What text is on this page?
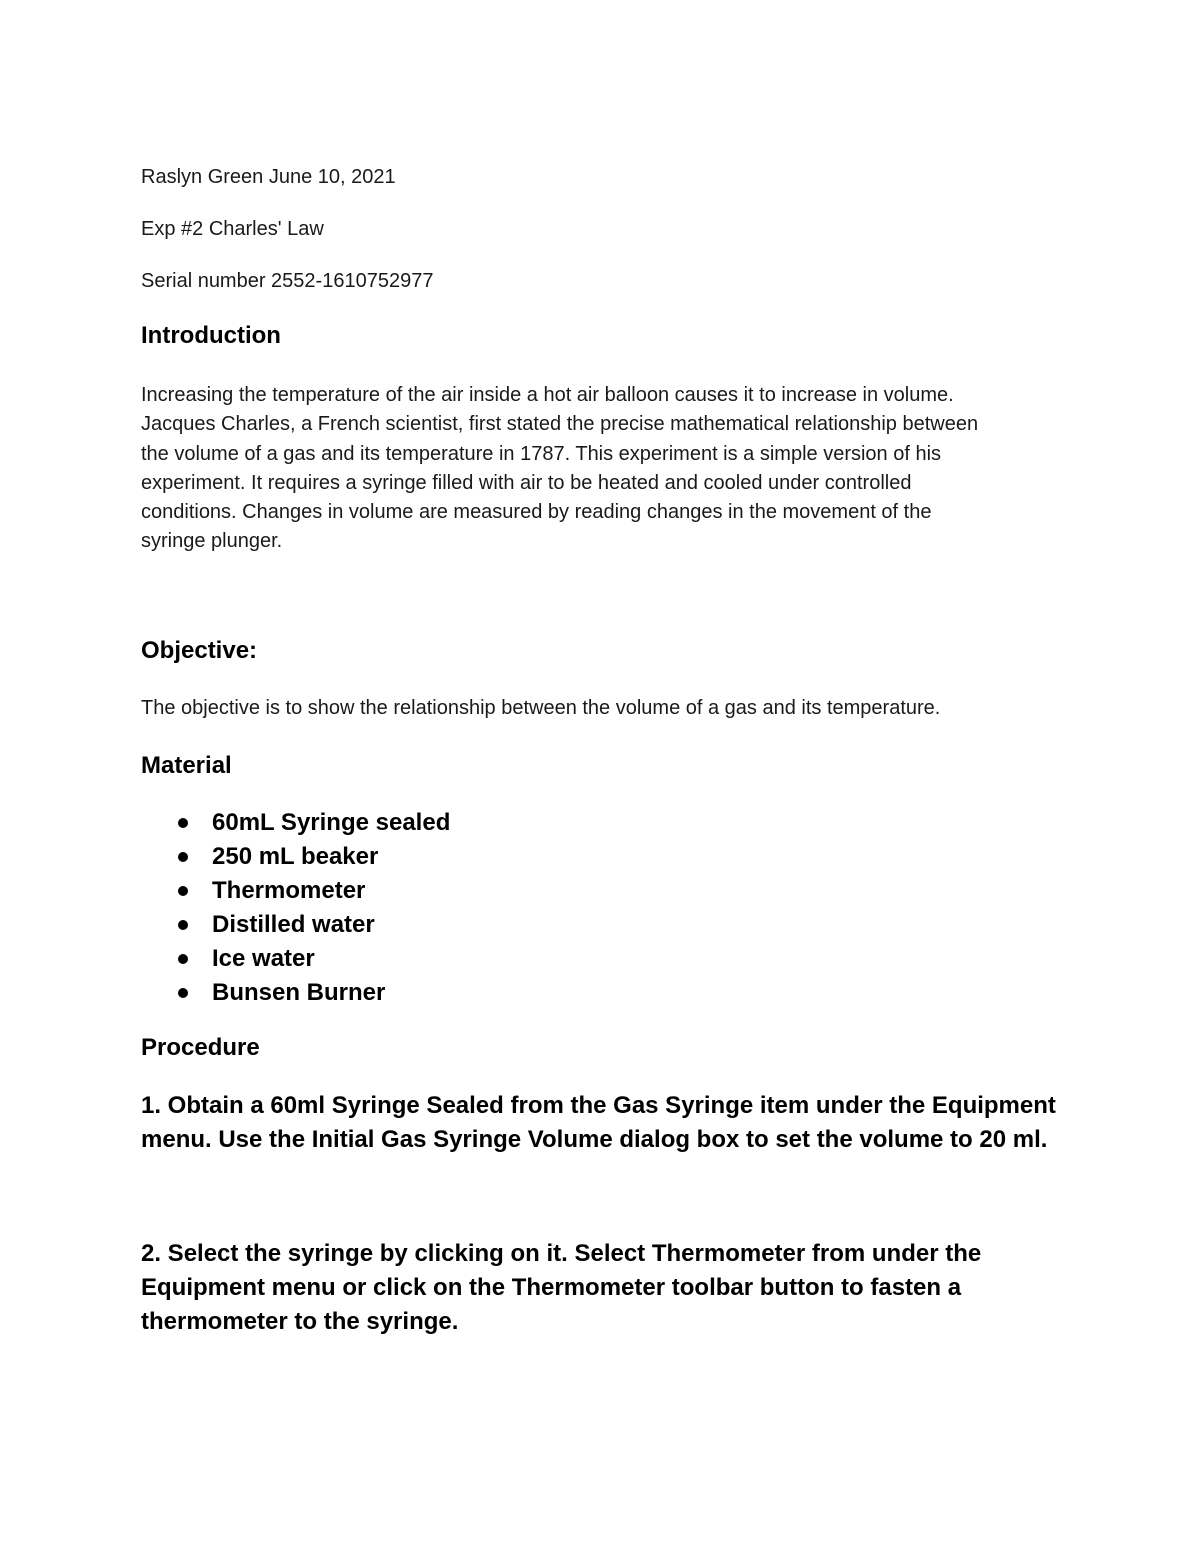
Raslyn Green June 10, 2021

Exp #2 Charles' Law

Serial number 2552-1610752977

Introduction
Increasing the temperature of the air inside a hot air balloon causes it to increase in volume.
Jacques Charles, a French scientist, first stated the precise mathematical relationship between
the volume of a gas and its temperature in 1787. This experiment is a simple version of his
experiment. It requires a syringe filled with air to be heated and cooled under controlled
conditions. Changes in volume are measured by reading changes in the movement of the
syringe plunger.
Objective:

The objective is to show the relationship between the volume of a gas and its temperature.

Material
60mL Syringe sealed
250 mL beaker
Thermometer
Distilled water
Ice water
Bunsen Burner
Procedure
1. Obtain a 60ml Syringe Sealed from the Gas Syringe item under the Equipment
menu. Use the Initial Gas Syringe Volume dialog box to set the volume to 20 ml.
2. Select the syringe by clicking on it. Select Thermometer from under the
Equipment menu or click on the Thermometer toolbar button to fasten a
thermometer to the syringe.
